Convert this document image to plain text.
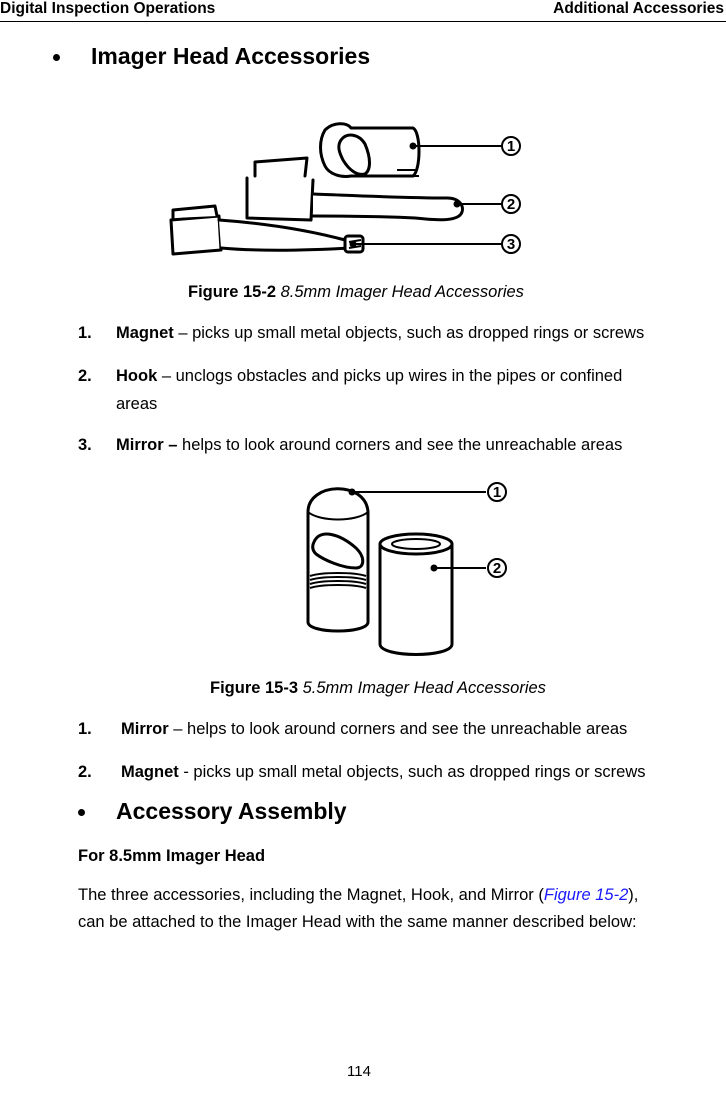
Digital Inspection Operations	Additional Accessories
Imager Head Accessories
1
2
3
Figure 15-2 8.5mm Imager Head Accessories
1. Magnet – picks up small metal objects, such as dropped rings or screws
2. Hook – unclogs obstacles and picks up wires in the pipes or confined
areas
3. Mirror – helps to look around corners and see the unreachable areas
1
2
Figure 15-3 5.5mm Imager Head Accessories
1. Mirror – helps to look around corners and see the unreachable areas
2. Magnet - picks up small metal objects, such as dropped rings or screws
Accessory Assembly
For 8.5mm Imager Head
The three accessories, including the Magnet, Hook, and Mirror (Figure 15-2),
can be attached to the Imager Head with the same manner described below:
114
